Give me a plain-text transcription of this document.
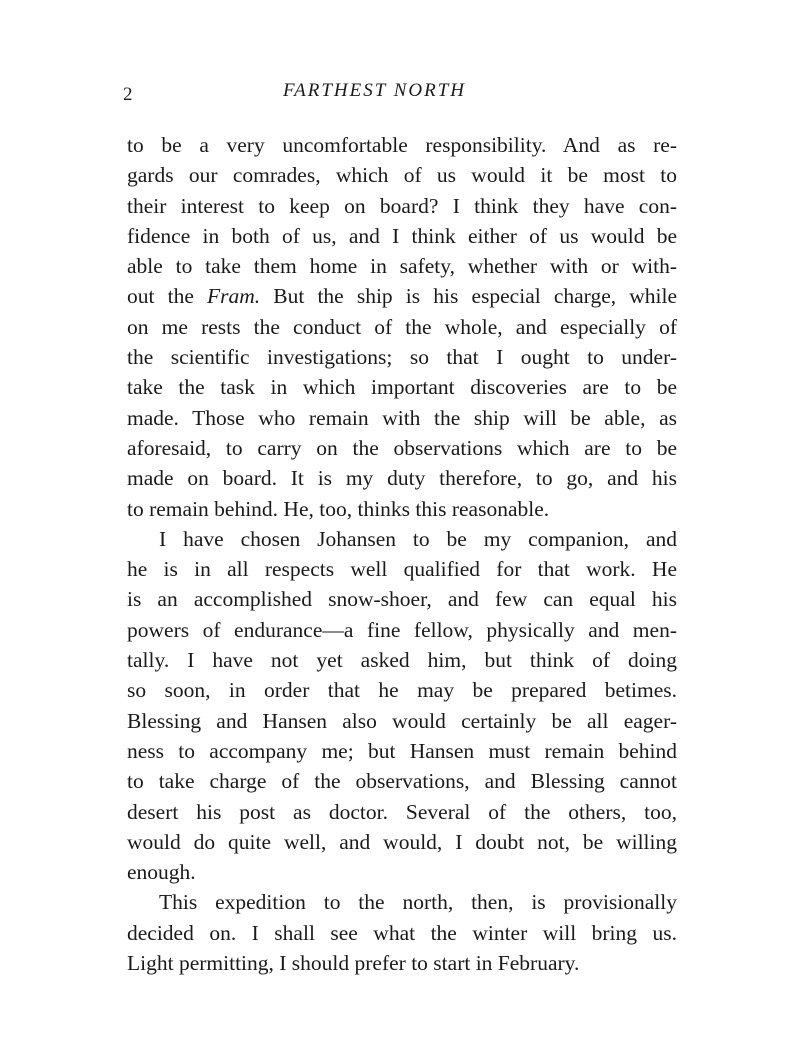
2	FARTHEST NORTH
to be a very uncomfortable responsibility. And as re-
gards our comrades, which of us would it be most to
their interest to keep on board? I think they have con-
fidence in both of us, and I think either of us would be
able to take them home in safety, whether with or with-
out the Fram. But the ship is his especial charge, while
on me rests the conduct of the whole, and especially of
the scientific investigations; so that I ought to under-
take the task in which important discoveries are to be
made. Those who remain with the ship will be able, as
aforesaid, to carry on the observations which are to be
made on board. It is my duty therefore, to go, and his
to remain behind. He, too, thinks this reasonable.
I have chosen Johansen to be my companion, and
he is in all respects well qualified for that work. He
is an accomplished snow-shoer, and few can equal his
powers of endurance—a fine fellow, physically and men-
tally. I have not yet asked him, but think of doing
so soon, in order that he may be prepared betimes.
Blessing and Hansen also would certainly be all eager-
ness to accompany me; but Hansen must remain behind
to take charge of the observations, and Blessing cannot
desert his post as doctor. Several of the others, too,
would do quite well, and would, I doubt not, be willing
enough.
This expedition to the north, then, is provisionally
decided on. I shall see what the winter will bring us.
Light permitting, I should prefer to start in February.
